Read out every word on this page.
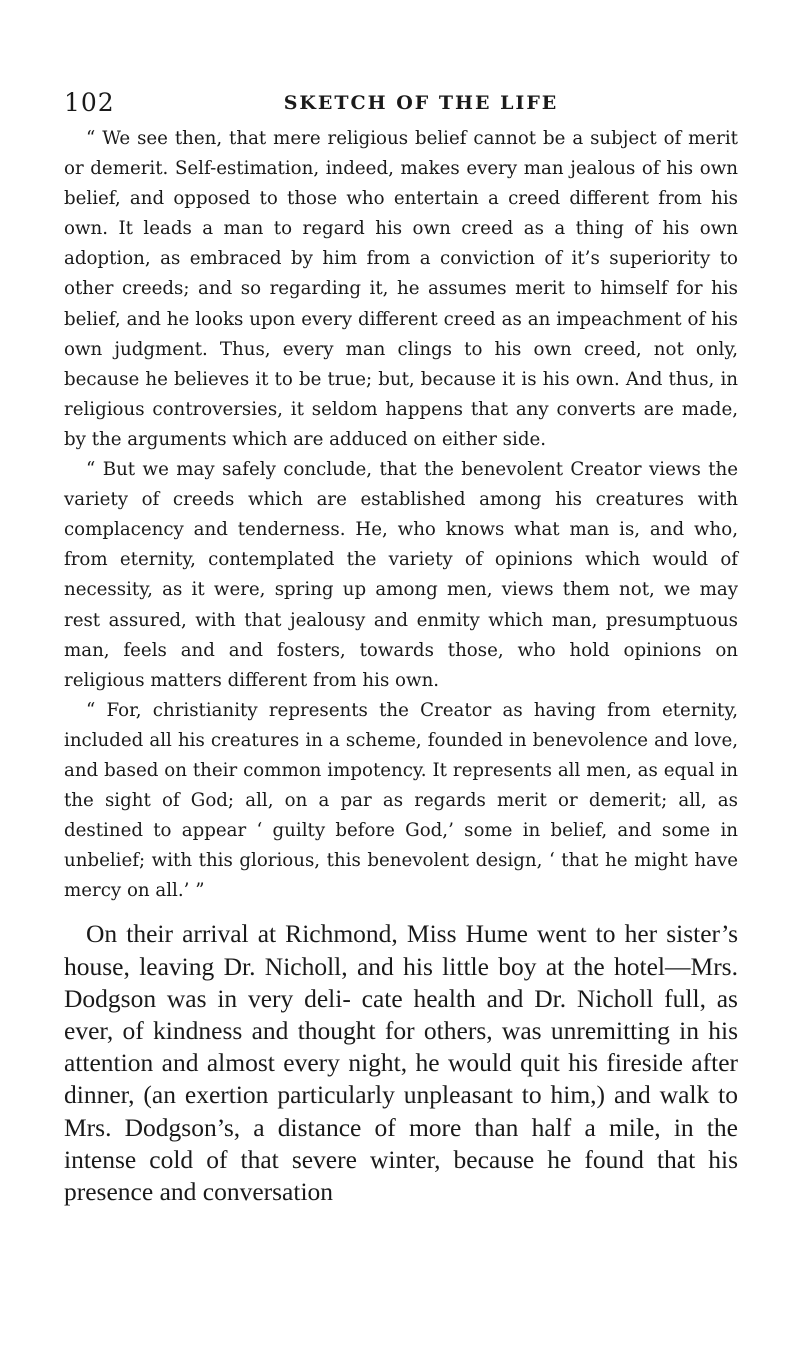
102	SKETCH OF THE LIFE

“ We see then, that mere religious belief cannot be a subject of merit or demerit. Self-estimation, indeed, makes every man jealous of his own belief, and opposed to those who entertain a creed different from his own. It leads a man to regard his own creed as a thing of his own adoption, as embraced by him from a conviction of it’s superiority to other creeds; and so regarding it, he assumes merit to himself for his belief, and he looks upon every different creed as an impeachment of his own judgment. Thus, every man clings to his own creed, not only, because he believes it to be true; but, because it is his own. And thus, in religious controversies, it seldom happens that any converts are made, by the arguments which are adduced on either side.

“ But we may safely conclude, that the benevolent Creator views the variety of creeds which are established among his creatures with complacency and tenderness. He, who knows what man is, and who, from eternity, contemplated the variety of opinions which would of necessity, as it were, spring up among men, views them not, we may rest assured, with that jealousy and enmity which man, presumptuous man, feels and and fosters, towards those, who hold opinions on religious matters different from his own.

“ For, christianity represents the Creator as having from eternity, included all his creatures in a scheme, founded in benevolence and love, and based on their common impotency. It represents all men, as equal in the sight of God; all, on a par as regards merit or demerit; all, as destined to appear ‘ guilty before God,’ some in belief, and some in unbelief; with this glorious, this benevolent design, ‘ that he might have mercy on all.’ ”

On their arrival at Richmond, Miss Hume went to her sister’s house, leaving Dr. Nicholl, and his little boy at the hotel—Mrs. Dodgson was in very deli- cate health and Dr. Nicholl full, as ever, of kindness and thought for others, was unremitting in his attention and almost every night, he would quit his fireside after dinner, (an exertion particularly unpleasant to him,) and walk to Mrs. Dodgson’s, a distance of more than half a mile, in the intense cold of that severe winter, because he found that his presence and conversation
